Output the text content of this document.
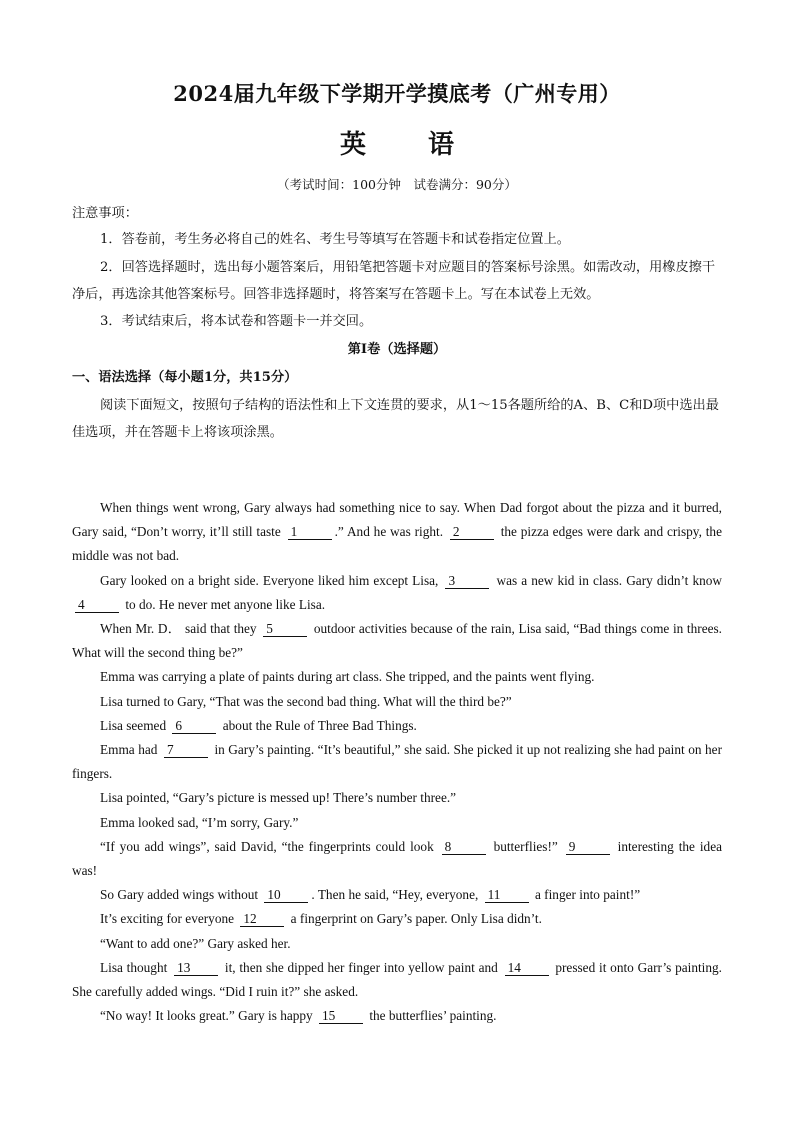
2024届九年级下学期开学摸底考（广州专用）
英 语
（考试时间：100分钟　试卷满分：90分）
注意事项：
1．答卷前，考生务必将自己的姓名、考生号等填写在答题卡和试卷指定位置上。
2．回答选择题时，选出每小题答案后，用铅笔把答题卡对应题目的答案标号涂黑。如需改动，用橡皮擦干净后，再选涂其他答案标号。回答非选择题时，将答案写在答题卡上。写在本试卷上无效。
3．考试结束后，将本试卷和答题卡一并交回。
第Ⅰ卷（选择题）
一、语法选择（每小题1分，共15分）
阅读下面短文，按照句子结构的语法性和上下文连贯的要求，从1～15各题所给的A、B、C和D项中选出最佳选项，并在答题卡上将该项涂黑。

When things went wrong, Gary always had something nice to say. When Dad forgot about the pizza and it burred, Gary said, “Don’t worry, it’ll still taste 1	.” And he was right. 2	the pizza edges were dark and crispy, the middle was not bad.

Gary looked on a bright side. Everyone liked him except Lisa, 3	was a new kid in class. Gary didn’t know 4	to do. He never met anyone like Lisa.

When Mr. D． said that they 5	outdoor activities because of the rain, Lisa said, “Bad things come in threes. What will the second thing be?”

Emma was carrying a plate of paints during art class. She tripped, and the paints went flying.

Lisa turned to Gary, “That was the second bad thing. What will the third be?”

Lisa seemed 6	about the Rule of Three Bad Things.

Emma had 7	in Gary’s painting. “It’s beautiful,” she said. She picked it up not realizing she had paint on her fingers.

Lisa pointed, “Gary’s picture is messed up! There’s number three.”

Emma looked sad, “I’m sorry, Gary.”

“If you add wings”, said David, “the fingerprints could look 8	butterflies!” 9	interesting the idea was!

So Gary added wings without 10 . Then he said, “Hey, everyone, 11 a finger into paint!”

It’s exciting for everyone 12 a fingerprint on Gary’s paper. Only Lisa didn’t.

“Want to add one?” Gary asked her.

Lisa thought 13 it, then she dipped her finger into yellow paint and 14 pressed it onto Garr’s painting. She carefully added wings. “Did I ruin it?” she asked.

“No way! It looks great.” Gary is happy 15 the butterflies’ painting.
